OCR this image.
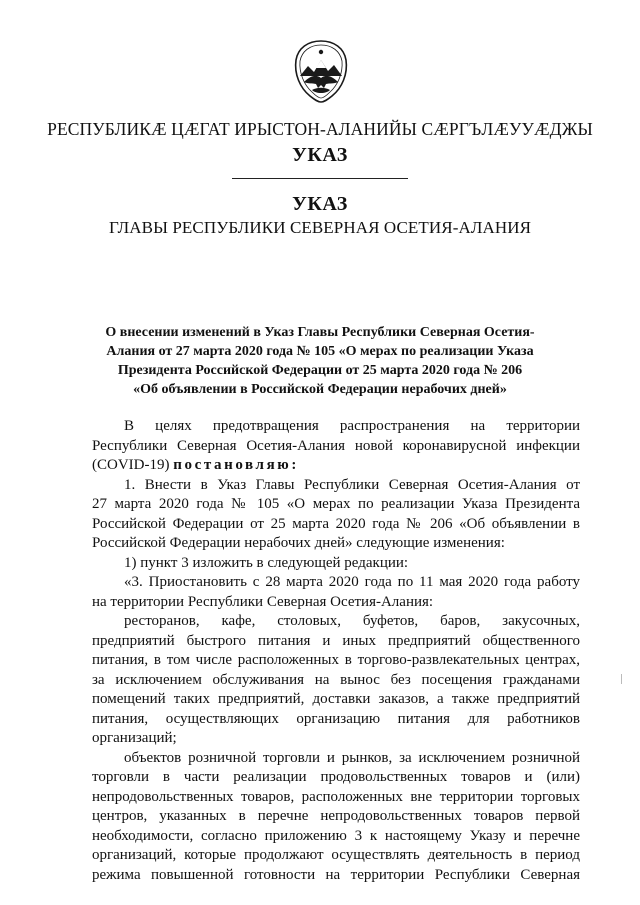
РЕСПУБЛИКӔ ЦӔГАТ ИРЫСТОН-АЛАНИЙЫ СӔРГЪЛӔУУӔДЖЫ
УКАЗ
УКАЗ
ГЛАВЫ РЕСПУБЛИКИ СЕВЕРНАЯ ОСЕТИЯ-АЛАНИЯ
О внесении изменений в Указ Главы Республики Северная Осетия-
Алания от 27 марта 2020 года № 105 «О мерах по реализации Указа
Президента Российской Федерации от 25 марта 2020 года № 206
«Об объявлении в Российской Федерации нерабочих дней»
В целях предотвращения распространения на территории
Республики Северная Осетия-Алания новой коронавирусной инфекции
(COVID-19) постановляю:
1. Внести в Указ Главы Республики Северная Осетия-Алания от
27 марта 2020 года № 105 «О мерах по реализации Указа Президента
Российской Федерации от 25 марта 2020 года № 206 «Об объявлении в
Российской Федерации нерабочих дней» следующие изменения:
1) пункт 3 изложить в следующей редакции:
«3. Приостановить с 28 марта 2020 года по 11 мая 2020 года работу
на территории Республики Северная Осетия-Алания:
ресторанов, кафе, столовых, буфетов, баров, закусочных,
предприятий быстрого питания и иных предприятий общественного
питания, в том числе расположенных в торгово-развлекательных центрах,
за исключением обслуживания на вынос без посещения гражданами
помещений таких предприятий, доставки заказов, а также предприятий
питания, осуществляющих организацию питания для работников
организаций;
объектов розничной торговли и рынков, за исключением розничной
торговли в части реализации продовольственных товаров и (или)
непродовольственных товаров, расположенных вне территории торговых
центров, указанных в перечне непродовольственных товаров первой
необходимости, согласно приложению 3 к настоящему Указу и перечне
организаций, которые продолжают осуществлять деятельность в период
режима повышенной готовности на территории Республики Северная
